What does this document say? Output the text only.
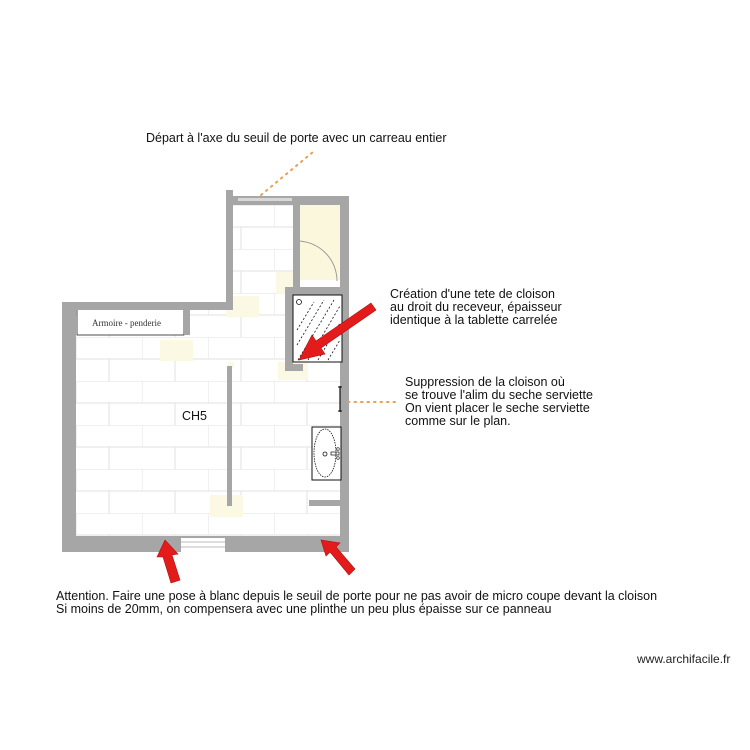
Départ à l'axe du seuil de porte avec un carreau entier
CH5
Armoire - penderie
Création d'une tete de cloison
au droit du receveur, épaisseur
identique à la tablette carrelée
Suppression de la cloison où
se trouve l'alim du seche serviette
On vient placer le seche serviette
comme sur le plan.
Attention. Faire une pose à blanc depuis le seuil de porte pour ne pas avoir de micro coupe devant la cloison
Si moins de 20mm, on compensera avec une plinthe un peu plus épaisse sur ce panneau
www.archifacile.fr
